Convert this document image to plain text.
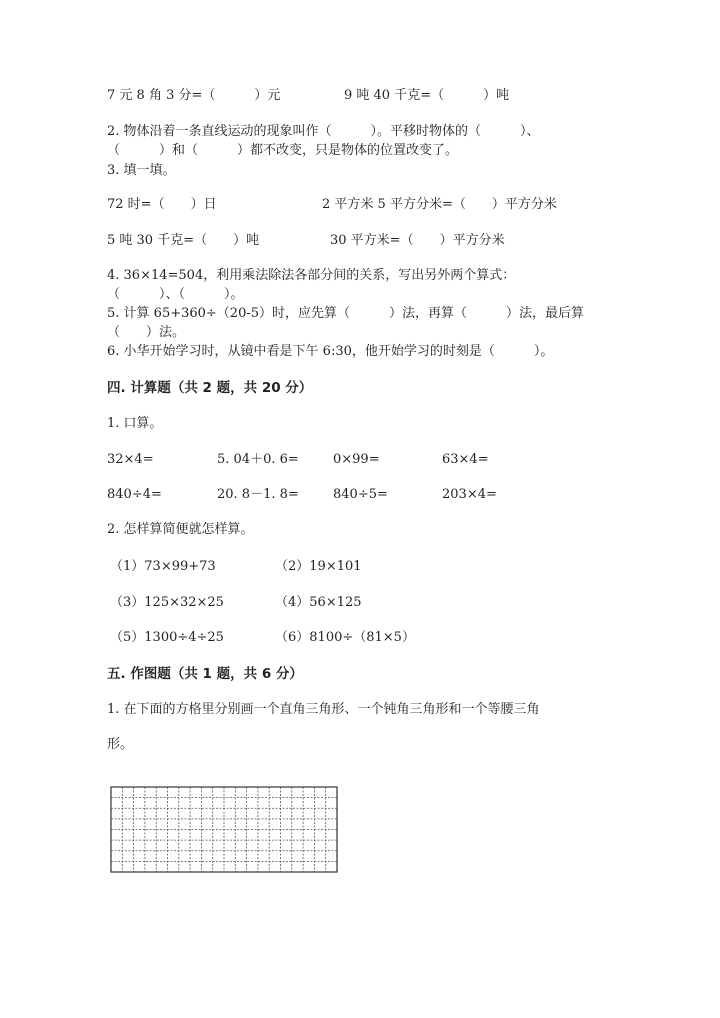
7 元 8 角 3 分=（　　　）元	9 吨 40 千克=（　　　）吨
2. 物体沿着一条直线运动的现象叫作（　　　）。平移时物体的（　　　）、
（　　　）和（　　　）都不改变，只是物体的位置改变了。
3. 填一填。
72 时=（　　）日	2 平方米 5 平方分米=（　　）平方分米
5 吨 30 千克=（　　）吨	30 平方米=（　　）平方分米
4. 36×14=504，利用乘法除法各部分间的关系，写出另外两个算式：
（　　　）、（　　　）。
5. 计算 65+360÷（20-5）时，应先算（　　　）法，再算（　　　）法，最后算
（　　）法。
6. 小华开始学习时，从镜中看是下午 6:30，他开始学习的时刻是（　　　）。
四. 计算题（共 2 题，共 20 分）
1. 口算。
32×4=	5. 04＋0. 6=	0×99=	63×4=
840÷4=	20. 8－1. 8=	840÷5=	203×4=
2. 怎样算简便就怎样算。
（1）73×99+73	（2）19×101
（3）125×32×25	（4）56×125
（5）1300÷4÷25	（6）8100÷（81×5）
五. 作图题（共 1 题，共 6 分）
1. 在下面的方格里分别画一个直角三角形、一个钝角三角形和一个等腰三角
形。
